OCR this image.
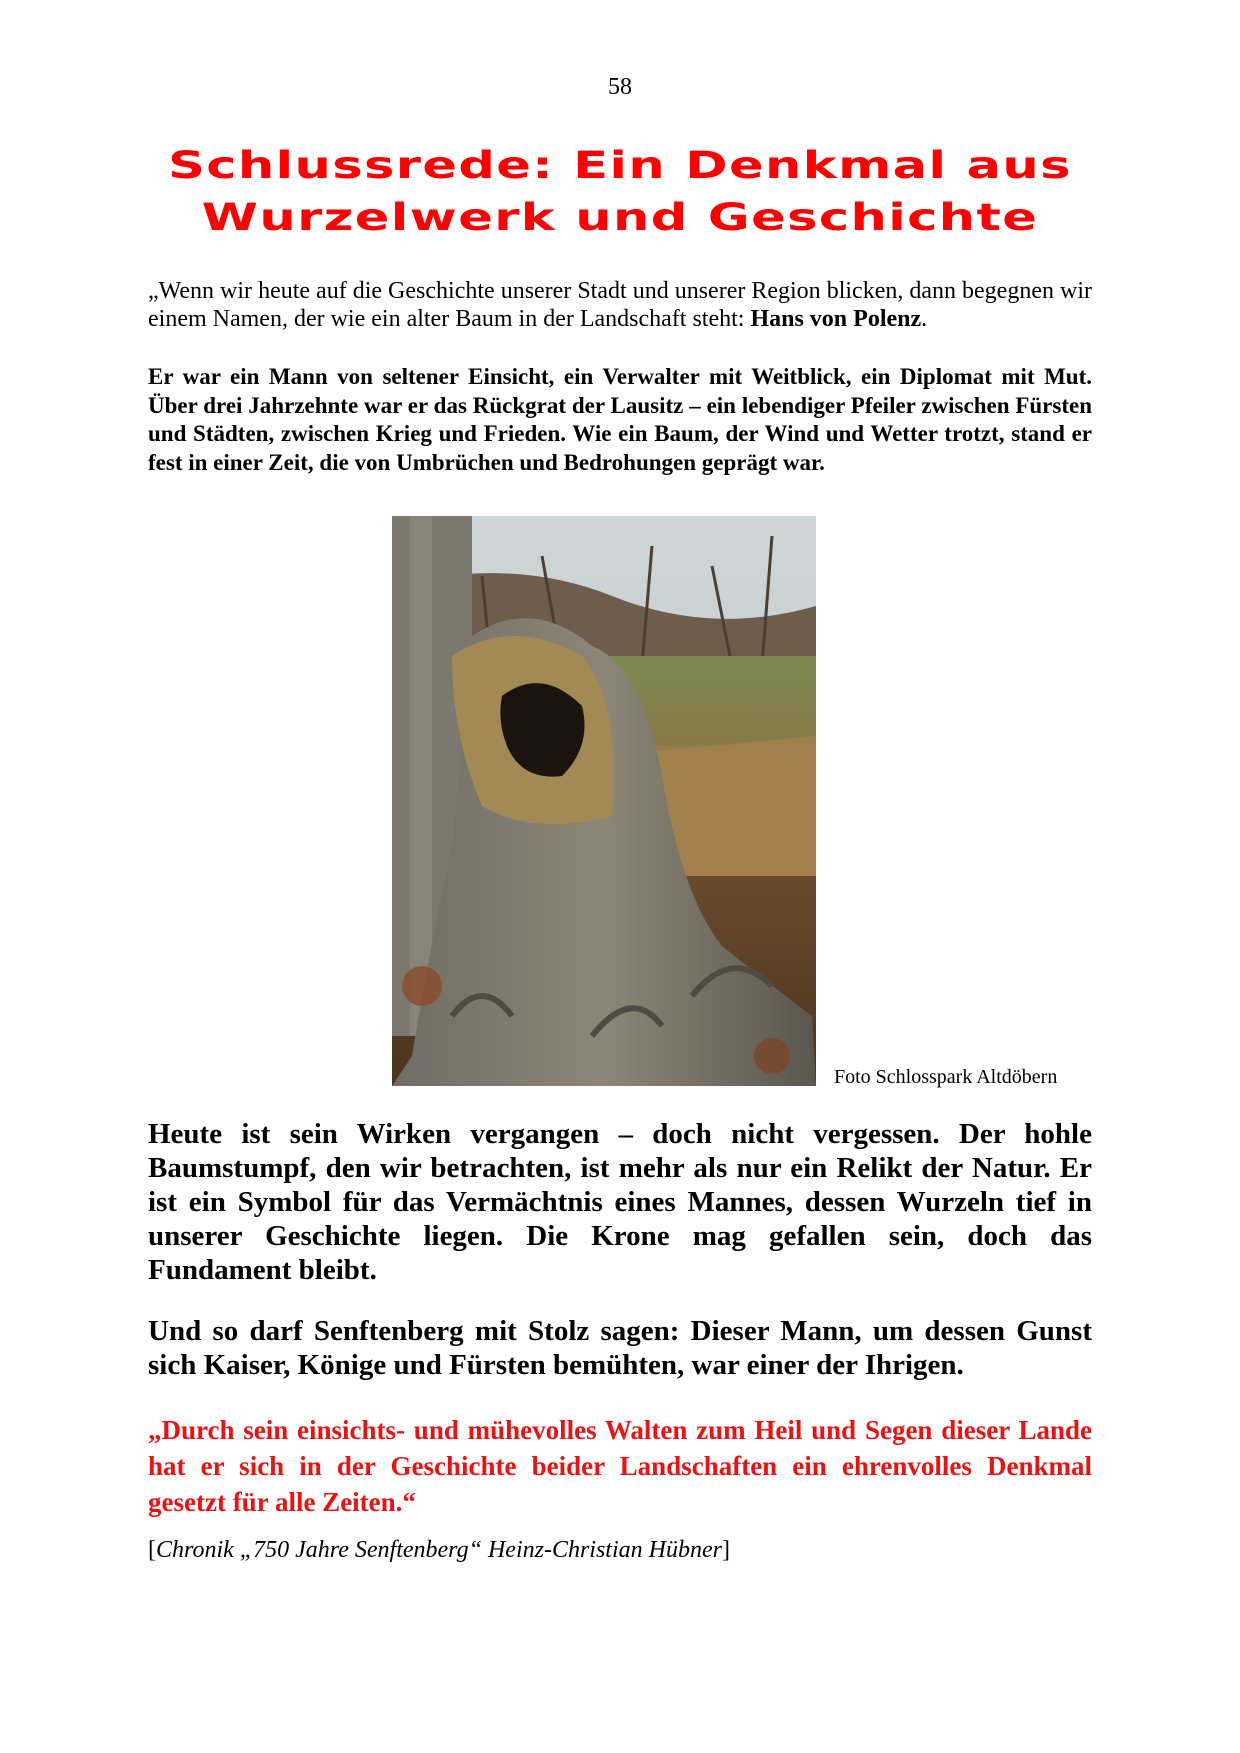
58
Schlussrede: Ein Denkmal aus
Wurzelwerk und Geschichte

„Wenn wir heute auf die Geschichte unserer Stadt und unserer Region blicken, dann begegnen wir einem Namen, der wie ein alter Baum in der Landschaft steht: Hans von Polenz.

Er war ein Mann von seltener Einsicht, ein Verwalter mit Weitblick, ein Diplomat mit Mut. Über drei Jahrzehnte war er das Rückgrat der Lausitz – ein lebendiger Pfeiler zwischen Fürsten und Städten, zwischen Krieg und Frieden. Wie ein Baum, der Wind und Wetter trotzt, stand er fest in einer Zeit, die von Umbrüchen und Bedrohungen geprägt war.

Foto Schlosspark Altdöbern

Heute ist sein Wirken vergangen – doch nicht vergessen. Der hohle Baumstumpf, den wir betrachten, ist mehr als nur ein Relikt der Natur. Er ist ein Symbol für das Vermächtnis eines Mannes, dessen Wurzeln tief in unserer Geschichte liegen. Die Krone mag gefallen sein, doch das Fundament bleibt.

Und so darf Senftenberg mit Stolz sagen: Dieser Mann, um dessen Gunst sich Kaiser, Könige und Fürsten bemühten, war einer der Ihrigen.

„Durch sein einsichts- und mühevolles Walten zum Heil und Segen dieser Lande hat er sich in der Geschichte beider Landschaften ein ehrenvolles Denkmal gesetzt für alle Zeiten.“

[Chronik „750 Jahre Senftenberg“ Heinz-Christian Hübner]
